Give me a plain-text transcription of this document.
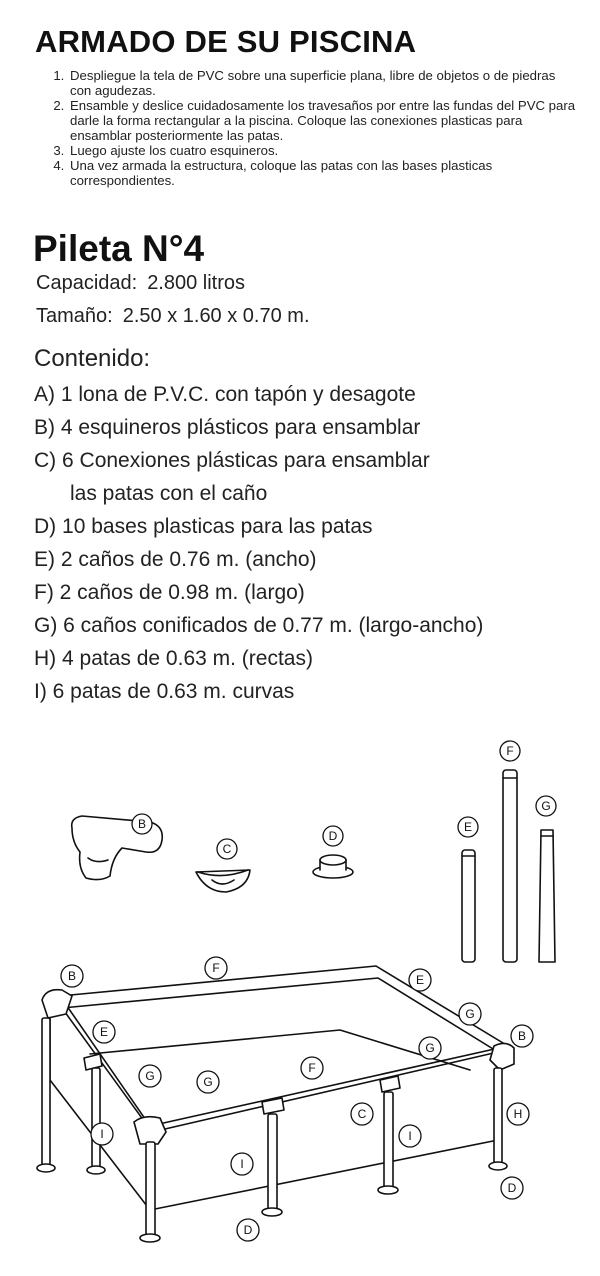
ARMADO DE SU PISCINA
1. Despliegue la tela de PVC sobre una superficie plana, libre de objetos o de piedras con agudezas.
2. Ensamble y deslice cuidadosamente los travesaños por entre las fundas del PVC para darle la forma rectangular a la piscina. Coloque las conexiones plasticas para ensamblar posteriormente las patas.
3. Luego ajuste los cuatro esquineros.
4. Una vez armada la estructura, coloque las patas con las bases plasticas correspondientes.
Pileta N°4
Capacidad: 2.800 litros
Tamaño: 2.50 x 1.60 x 0.70 m.
Contenido:
A) 1 lona de P.V.C. con tapón y desagote
B) 4 esquineros plásticos para ensamblar
C) 6 Conexiones plásticas para ensamblar
las patas con el caño
D) 10 bases plasticas para las patas
E) 2 caños de 0.76 m. (ancho)
F) 2 caños de 0.98 m. (largo)
G) 6 caños conificados de 0.77 m. (largo-ancho)
H) 4 patas de 0.63 m. (rectas)
I) 6 patas de 0.63 m. curvas
B
C
D
E
F
G
B
F
E
G
B
E
G
F
G	G
C	H
I	I
I
D
D
